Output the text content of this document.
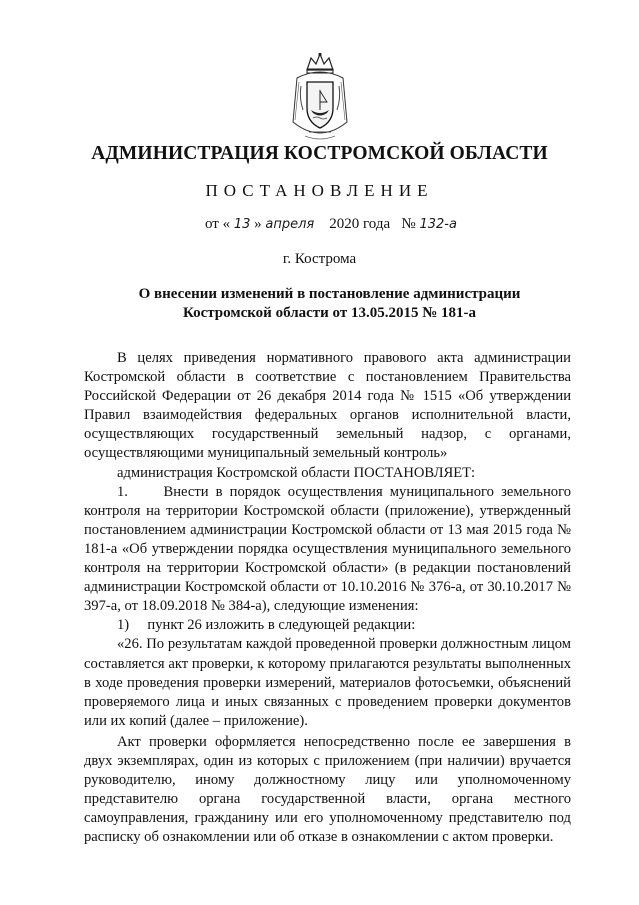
АДМИНИСТРАЦИЯ КОСТРОМСКОЙ ОБЛАСТИ
ПОСТАНОВЛЕНИЕ
от « 13 » апреля 2020 года № 132-а
г. Кострома
О внесении изменений в постановление администрации Костромской области от 13.05.2015 № 181-а

В целях приведения нормативного правового акта администрации Костромской области в соответствие с постановлением Правительства Российской Федерации от 26 декабря 2014 года № 1515 «Об утверждении Правил взаимодействия федеральных органов исполнительной власти, осуществляющих государственный земельный надзор, с органами, осуществляющими муниципальный земельный контроль»

администрация Костромской области ПОСТАНОВЛЯЕТ:

1.     Внести в порядок осуществления муниципального земельного контроля на территории Костромской области (приложение), утвержденный постановлением администрации Костромской области от 13 мая 2015 года № 181-а «Об утверждении порядка осуществления муниципального земельного контроля на территории Костромской области» (в редакции постановлений администрации Костромской области от 10.10.2016 № 376-а, от 30.10.2017 № 397-а, от 18.09.2018 № 384-а), следующие изменения:

1)     пункт 26 изложить в следующей редакции:

«26. По результатам каждой проведенной проверки должностным лицом составляется акт проверки, к которому прилагаются результаты выполненных в ходе проведения проверки измерений, материалов фотосъемки, объяснений проверяемого лица и иных связанных с проведением проверки документов или их копий (далее – приложение).

Акт проверки оформляется непосредственно после ее завершения в двух экземплярах, один из которых с приложением (при наличии) вручается руководителю, иному должностному лицу или уполномоченному представителю органа государственной власти, органа местного самоуправления, гражданину или его уполномоченному представителю под расписку об ознакомлении или об отказе в ознакомлении с актом проверки.
